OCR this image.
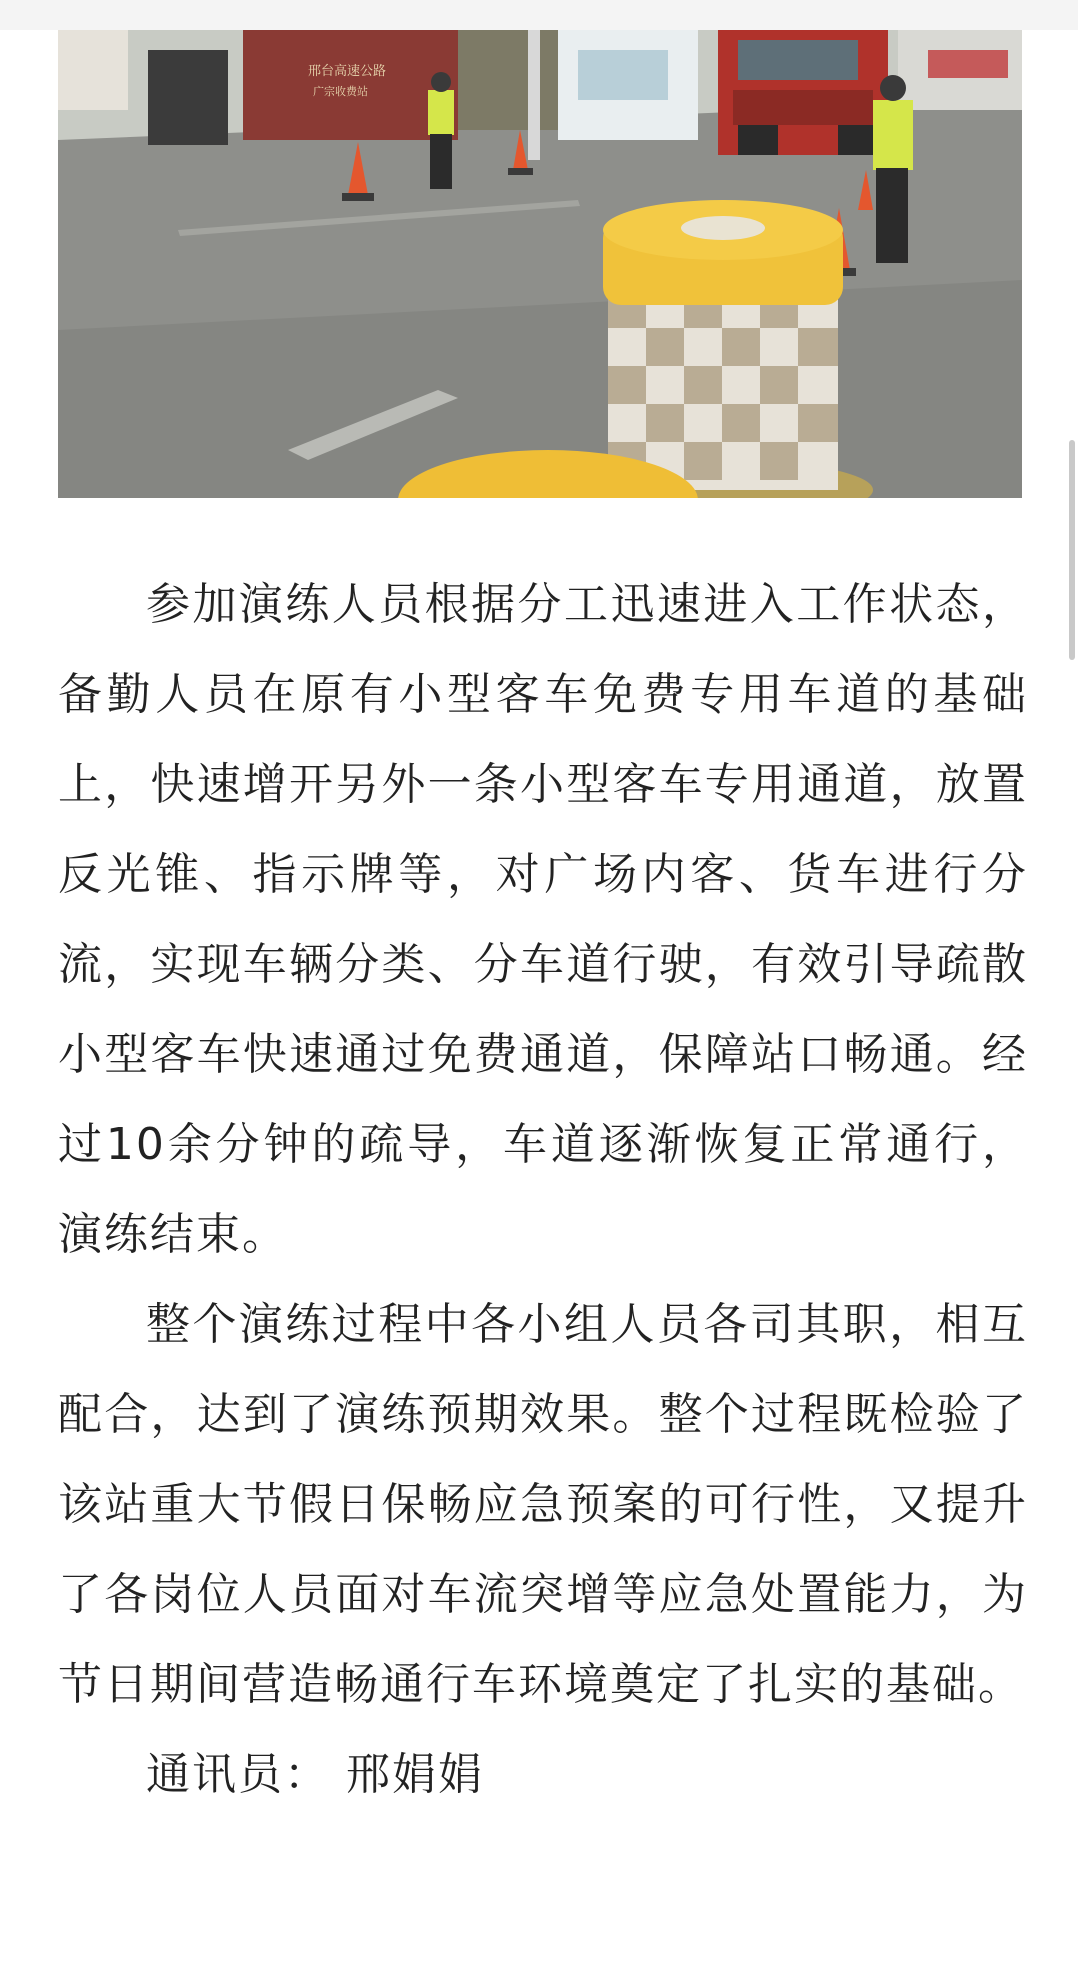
邢台高速公路
广宗收费站

参加演练人员根据分工迅速进入工作状态，备勤人员在原有小型客车免费专用车道的基础上，快速增开另外一条小型客车专用通道，放置反光锥、指示牌等，对广场内客、货车进行分流，实现车辆分类、分车道行驶，有效引导疏散小型客车快速通过免费通道，保障站口畅通。经过10余分钟的疏导，车道逐渐恢复正常通行，演练结束。

整个演练过程中各小组人员各司其职，相互配合，达到了演练预期效果。整个过程既检验了该站重大节假日保畅应急预案的可行性，又提升了各岗位人员面对车流突增等应急处置能力，为节日期间营造畅通行车环境奠定了扎实的基础。

通讯员： 邢娟娟
